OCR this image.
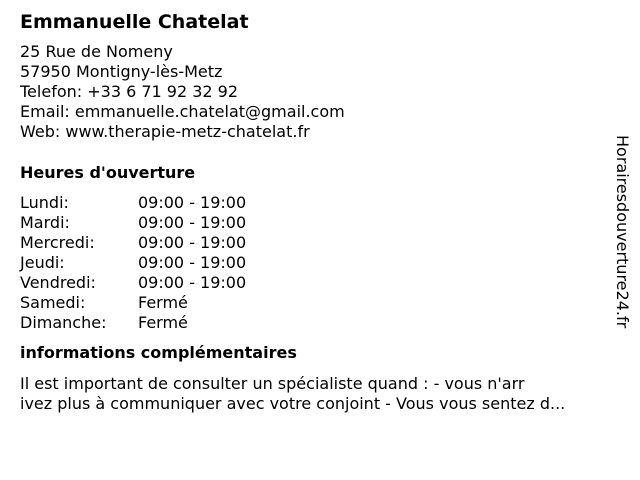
Emmanuelle Chatelat
25 Rue de Nomeny
57950 Montigny-lès-Metz
Telefon: +33 6 71 92 32 92
Email: emmanuelle.chatelat@gmail.com
Web: www.therapie-metz-chatelat.fr
Heures d'ouverture
Lundi:	09:00 - 19:00
Mardi:	09:00 - 19:00
Mercredi:	09:00 - 19:00
Jeudi:	09:00 - 19:00
Vendredi:	09:00 - 19:00
Samedi:	Fermé
Dimanche:	Fermé
informations complémentaires
Il est important de consulter un spécialiste quand : - vous n'arr
ivez plus à communiquer avec votre conjoint - Vous vous sentez d...
Horairesdouverture24.fr
